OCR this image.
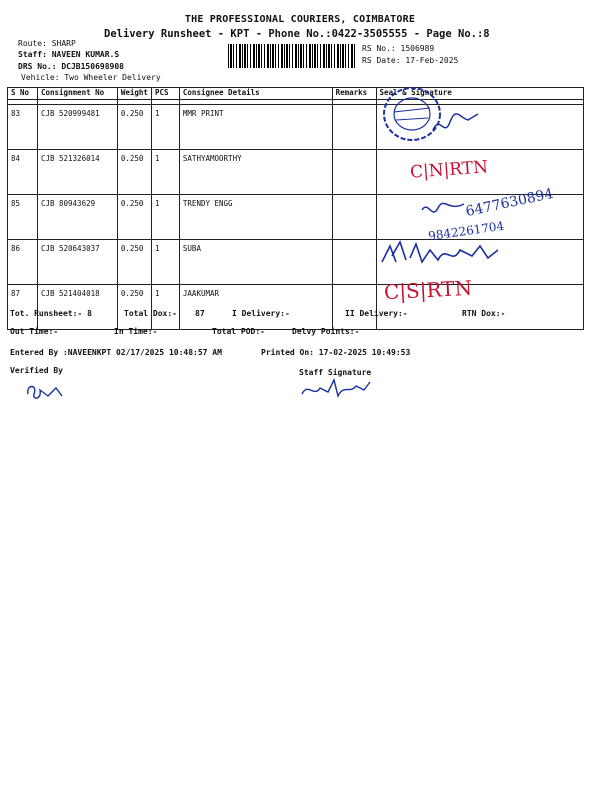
THE PROFESSIONAL COURIERS, COIMBATORE
Delivery Runsheet - KPT - Phone No.:0422-3505555 - Page No.:8
Route: SHARP
Staff: NAVEEN KUMAR.S
DRS No.: DCJB150698908
Vehicle: Two Wheeler Delivery
RS No.: 1506989
RS Date: 17-Feb-2025
S No	Consignment No	Weight	PCS	Consignee Details	Remarks	Seal & Signature

83	CJB 520999481	0.250	1	MMR PRINT		
84	CJB 521326014	0.250	1	SATHYAMOORTHY		
85	CJB 80943629	0.250	1	TRENDY ENGG		
86	CJB 520643037	0.250	1	SUBA		
87	CJB 521404018	0.250	1	JAAKUMAR		
C|N|RTN
6477630894
9842261704
C|S|RTN
Tot. Runsheet:- 8	Total Dox:- 87	I Delivery:-	II Delivery:-	RTN Dox:-
Out Time:-	In Time:-	Total POD:-	Delvy Points:-
Entered By :NAVEENKPT 02/17/2025 10:48:57 AM	Printed On: 17-02-2025 10:49:53
Verified By	Staff Signature
